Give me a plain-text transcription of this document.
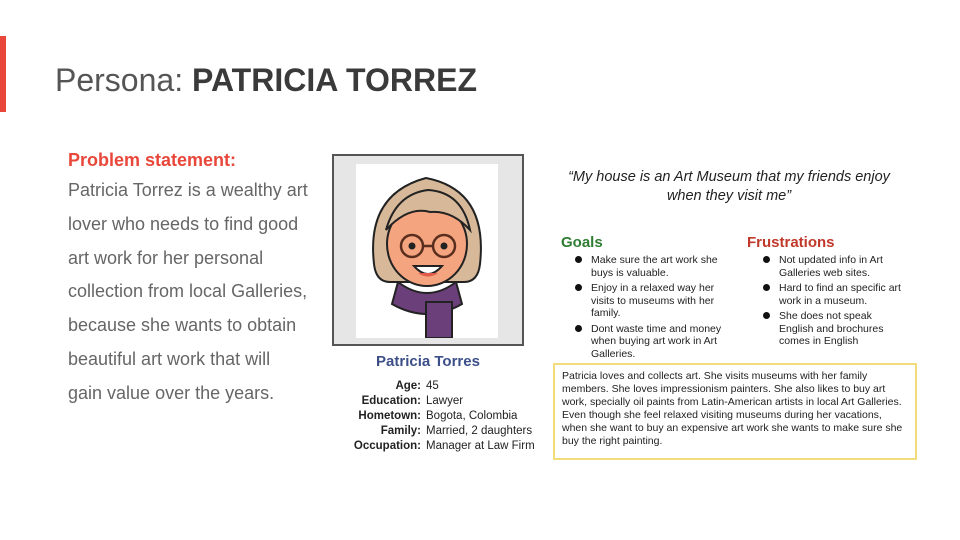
Persona: PATRICIA TORREZ
Problem statement:
Patricia Torrez is a wealthy art lover who needs to find good art work for her personal collection from local Galleries, because she wants to obtain beautiful art work that will gain value over the years.
Patricia Torres
Age: 45
Education: Lawyer
Hometown: Bogota, Colombia
Family: Married, 2 daughters
Occupation: Manager at Law Firm
“My house is an Art Museum that my friends enjoy when they visit me”
Goals
Make sure the art work she buys is valuable.
Enjoy in a relaxed way her visits to museums with her family.
Dont waste time and money when buying art work in Art Galleries.
Frustrations
Not updated info in Art Galleries web sites.
Hard to find an specific art work in a museum.
She does not speak English and brochures comes in English
Patricia loves and collects art. She visits museums with her family members. She loves impressionism painters. She also likes to buy art work, specially oil paints from Latin-American artists in local Art Galleries. Even though she feel relaxed visiting museums during her vacations, when she want to buy an expensive art work she wants to make sure she buy the right painting.
